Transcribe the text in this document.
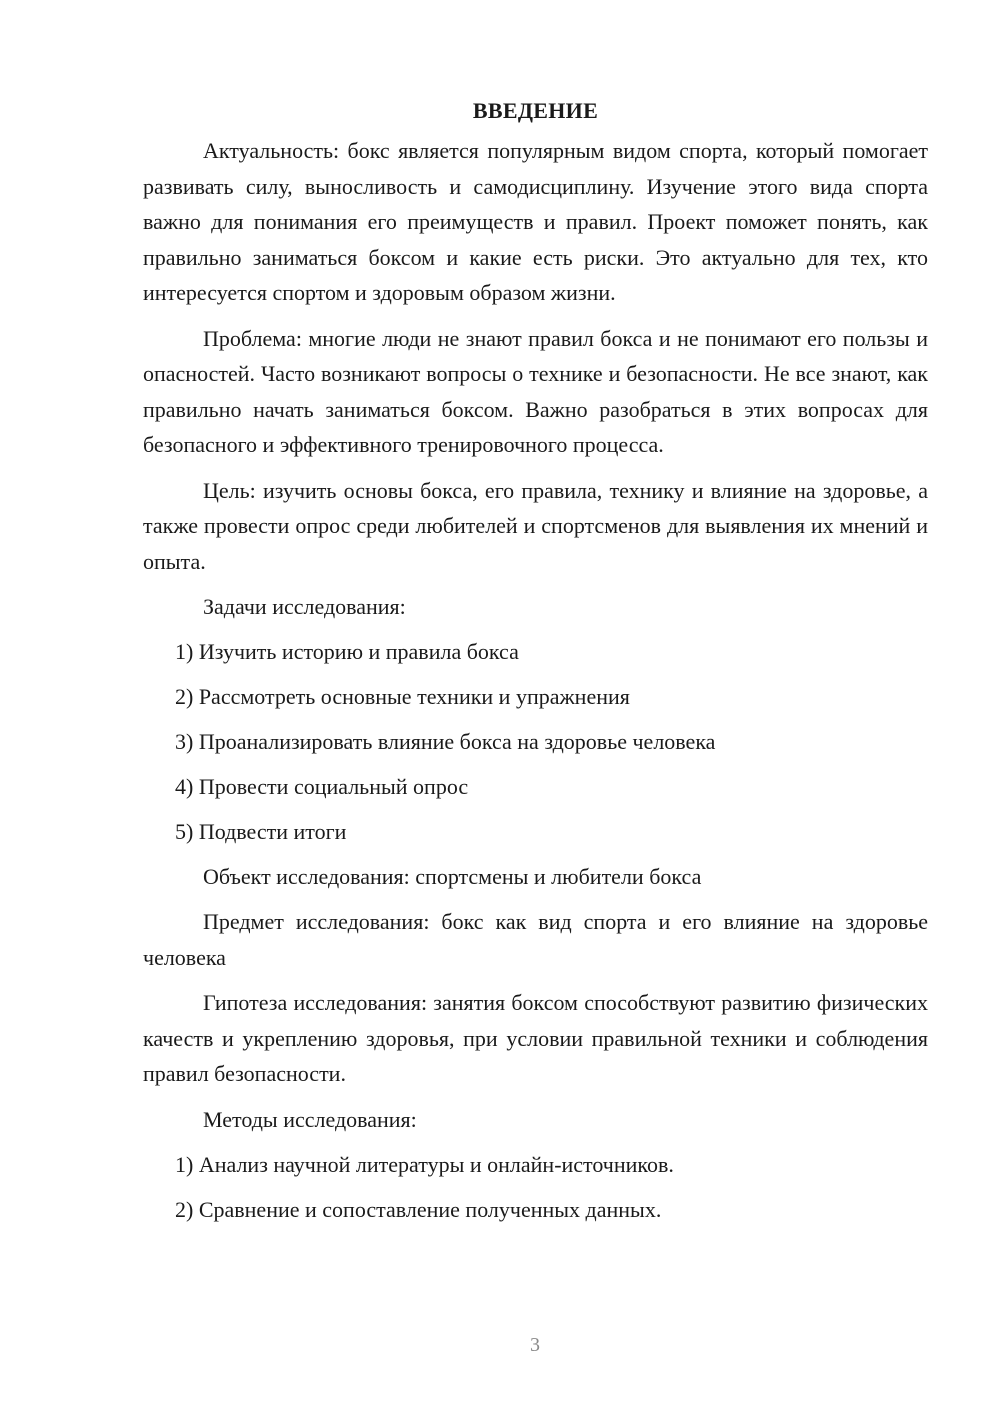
ВВЕДЕНИЕ

Актуальность: бокс является популярным видом спорта, который помогает развивать силу, выносливость и самодисциплину. Изучение этого вида спорта важно для понимания его преимуществ и правил. Проект поможет понять, как правильно заниматься боксом и какие есть риски. Это актуально для тех, кто интересуется спортом и здоровым образом жизни.

Проблема: многие люди не знают правил бокса и не понимают его пользы и опасностей. Часто возникают вопросы о технике и безопасности. Не все знают, как правильно начать заниматься боксом. Важно разобраться в этих вопросах для безопасного и эффективного тренировочного процесса.

Цель: изучить основы бокса, его правила, технику и влияние на здоровье, а также провести опрос среди любителей и спортсменов для выявления их мнений и опыта.

Задачи исследования:
1) Изучить историю и правила бокса
2) Рассмотреть основные техники и упражнения
3) Проанализировать влияние бокса на здоровье человека
4) Провести социальный опрос
5) Подвести итоги
Объект исследования: спортсмены и любители бокса

Предмет исследования: бокс как вид спорта и его влияние на здоровье человека

Гипотеза исследования: занятия боксом способствуют развитию физических качеств и укреплению здоровья, при условии правильной техники и соблюдения правил безопасности.

Методы исследования:
1) Анализ научной литературы и онлайн-источников.
2) Сравнение и сопоставление полученных данных.
3
